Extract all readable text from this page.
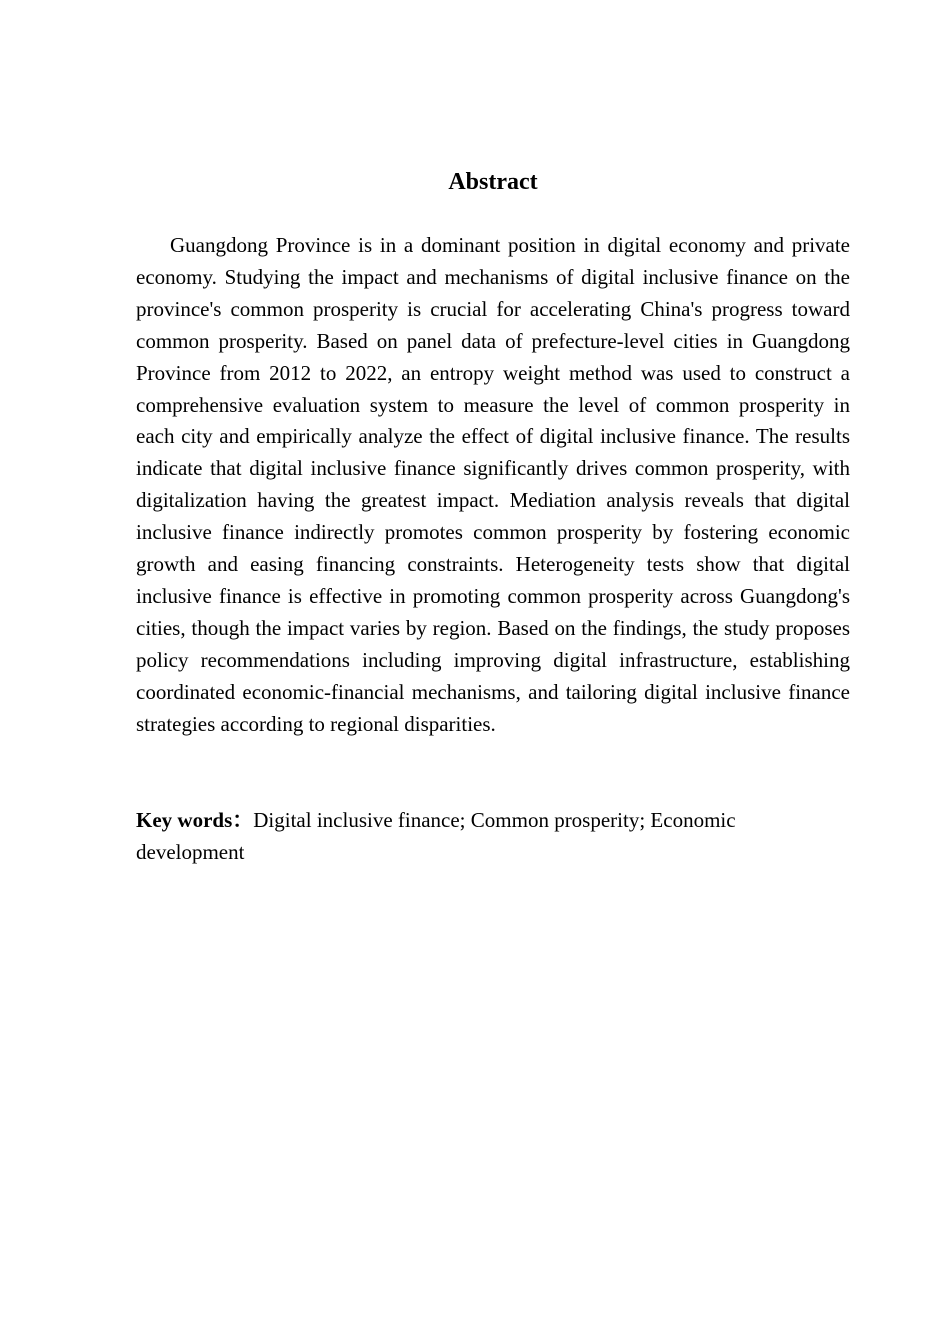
Abstract

Guangdong Province is in a dominant position in digital economy and private economy. Studying the impact and mechanisms of digital inclusive finance on the province's common prosperity is crucial for accelerating China's progress toward common prosperity. Based on panel data of prefecture-level cities in Guangdong Province from 2012 to 2022, an entropy weight method was used to construct a comprehensive evaluation system to measure the level of common prosperity in each city and empirically analyze the effect of digital inclusive finance. The results indicate that digital inclusive finance significantly drives common prosperity, with digitalization having the greatest impact. Mediation analysis reveals that digital inclusive finance indirectly promotes common prosperity by fostering economic growth and easing financing constraints. Heterogeneity tests show that digital inclusive finance is effective in promoting common prosperity across Guangdong's cities, though the impact varies by region. Based on the findings, the study proposes policy recommendations including improving digital infrastructure, establishing coordinated economic-financial mechanisms, and tailoring digital inclusive finance strategies according to regional disparities.

Key words：Digital inclusive finance; Common prosperity; Economic development
